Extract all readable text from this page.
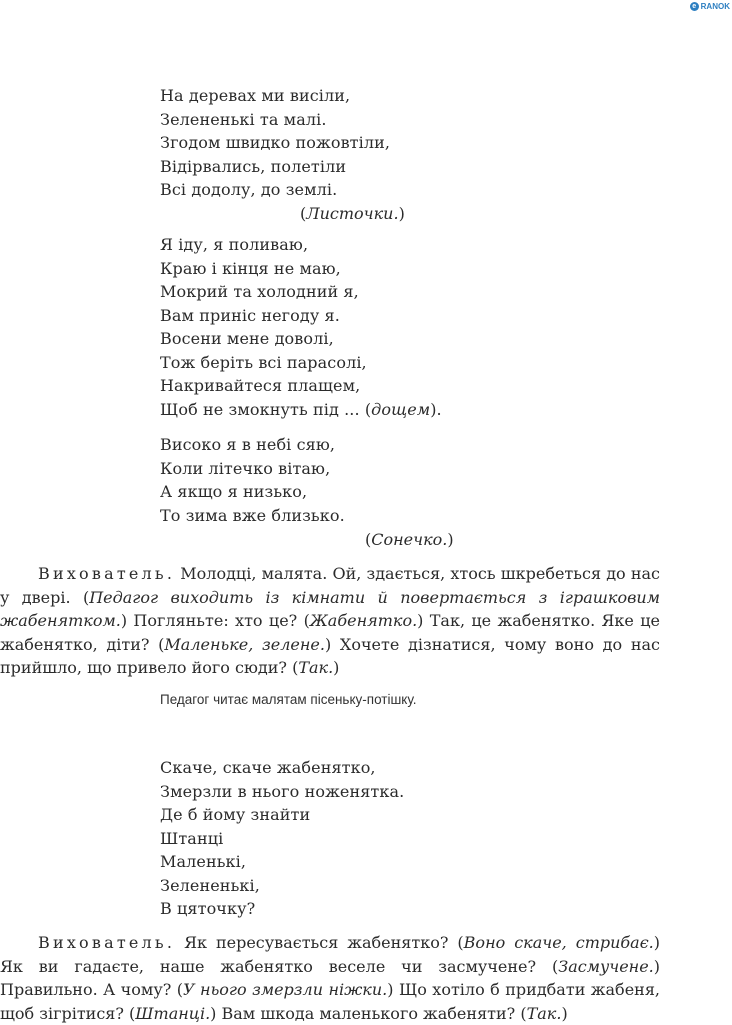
e RANOK
На деревах ми висіли,
Зелененькі та малі.
Згодом швидко пожовтіли,
Відірвались, полетіли
Всі додолу, до землі.
(Листочки.)
Я іду, я поливаю,
Краю і кінця не маю,
Мокрий та холодний я,
Вам приніс негоду я.
Восени мене доволі,
Тож беріть всі парасолі,
Накривайтеся плащем,
Щоб не змокнуть під ... (дощем).
Високо я в небі сяю,
Коли літечко вітаю,
А якщо я низько,
То зима вже близько.
(Сонечко.)
Вихователь. Молодці, малята. Ой, здається, хтось шкребеться до нас у двері. (Педагог виходить із кімнати й повертається з іграшковим жабенятком.) Погляньте: хто це? (Жабенятко.) Так, це жабенятко. Яке це жабенятко, діти? (Маленьке, зелене.) Хочете дізнатися, чому воно до нас прийшло, що привело його сюди? (Так.)
Педагог читає малятам пісеньку-потішку.
Скаче, скаче жабенятко,
Змерзли в нього ноженятка.
Де б йому знайти
Штанці
Маленькі,
Зелененькі,
В цяточку?
Вихователь. Як пересувається жабенятко? (Воно скаче, стрибає.) Як ви гадаєте, наше жабенятко веселе чи засмучене? (Засмучене.) Правильно. А чому? (У нього змерзли ніжки.) Що хотіло б придбати жабеня, щоб зігрітися? (Штанці.) Вам шкода маленького жабеняти? (Так.)
